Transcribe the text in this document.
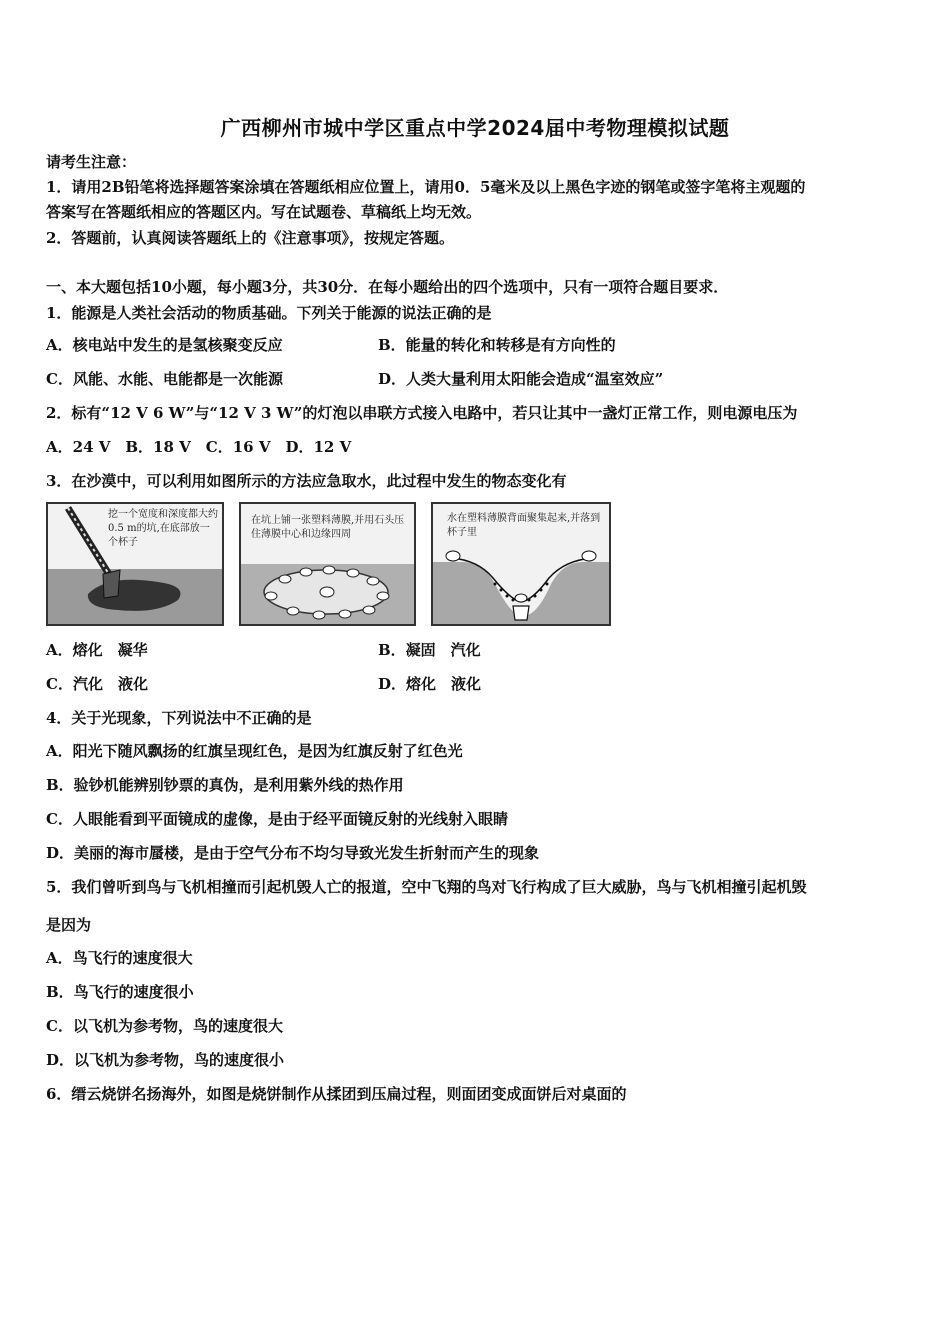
广西柳州市城中学区重点中学2024届中考物理模拟试题
请考生注意：
1．请用2B铅笔将选择题答案涂填在答题纸相应位置上，请用0．5毫米及以上黑色字迹的钢笔或签字笔将主观题的
答案写在答题纸相应的答题区内。写在试题卷、草稿纸上均无效。
2．答题前，认真阅读答题纸上的《注意事项》，按规定答题。
一、本大题包括10小题，每小题3分，共30分．在每小题给出的四个选项中，只有一项符合题目要求．
1．能源是人类社会活动的物质基础。下列关于能源的说法正确的是
A．核电站中发生的是氢核聚变反应	B．能量的转化和转移是有方向性的
C．风能、水能、电能都是一次能源	D．人类大量利用太阳能会造成“温室效应”
2．标有“12 V 6 W”与“12 V 3 W”的灯泡以串联方式接入电路中，若只让其中一盏灯正常工作，则电源电压为
A．24 V　B．18 V　C．16 V　D．12 V
3．在沙漠中，可以利用如图所示的方法应急取水，此过程中发生的物态变化有
挖一个宽度和深度都大约0.5 m的坑,在底部放一个杯子
在坑上铺一张塑料薄膜,并用石头压住薄膜中心和边缘四周
水在塑料薄膜背面聚集起来,并落到杯子里
A．熔化　凝华	B．凝固　汽化
C．汽化　液化	D．熔化　液化
4．关于光现象，下列说法中不正确的是
A．阳光下随风飘扬的红旗呈现红色，是因为红旗反射了红色光
B．验钞机能辨别钞票的真伪，是利用紫外线的热作用
C．人眼能看到平面镜成的虚像，是由于经平面镜反射的光线射入眼睛
D．美丽的海市蜃楼，是由于空气分布不均匀导致光发生折射而产生的现象
5．我们曾听到鸟与飞机相撞而引起机毁人亡的报道，空中飞翔的鸟对飞行构成了巨大威胁，鸟与飞机相撞引起机毁
是因为
A．鸟飞行的速度很大
B．鸟飞行的速度很小
C．以飞机为参考物，鸟的速度很大
D．以飞机为参考物，鸟的速度很小
6．缙云烧饼名扬海外，如图是烧饼制作从揉团到压扁过程，则面团变成面饼后对桌面的
